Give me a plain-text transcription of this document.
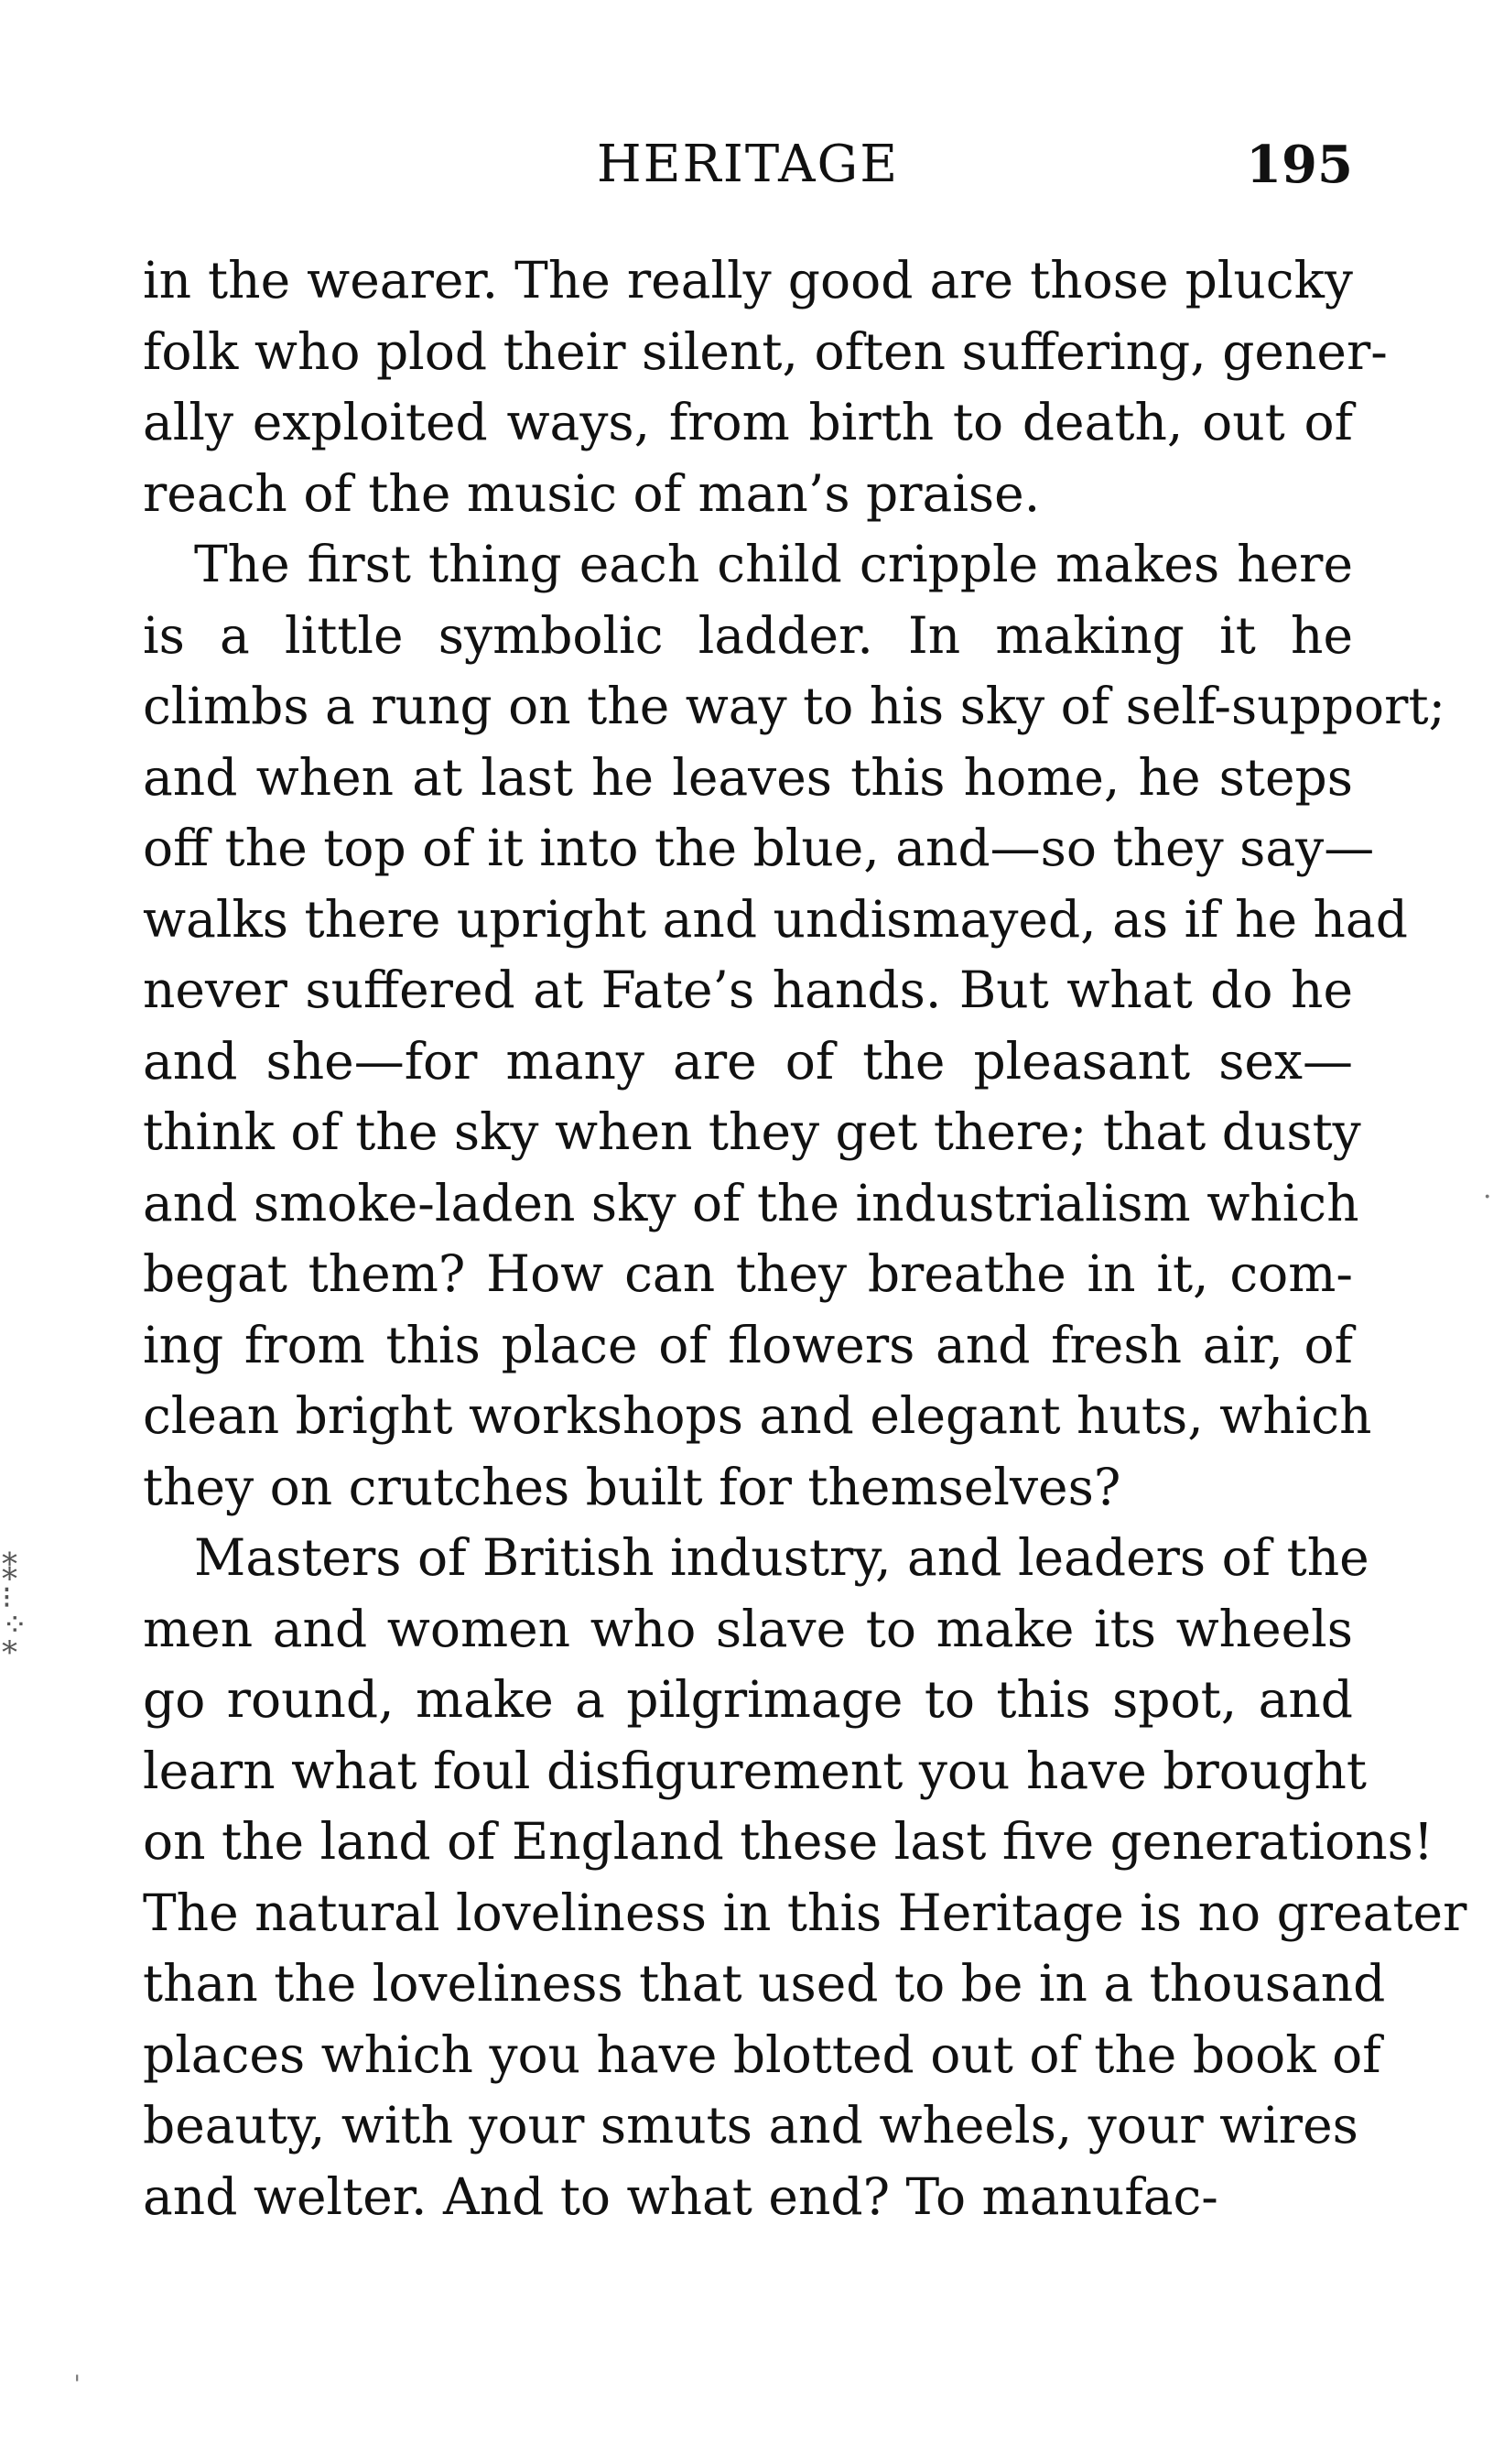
HERITAGE	195
in the wearer. The really good are those plucky
folk who plod their silent, often suffering, gener-
ally exploited ways, from birth to death, out of
reach of the music of man’s praise.
The first thing each child cripple makes here
is a little symbolic ladder. In making it he
climbs a rung on the way to his sky of self-support;
and when at last he leaves this home, he steps
off the top of it into the blue, and—so they say—
walks there upright and undismayed, as if he had
never suffered at Fate’s hands. But what do he
and she—for many are of the pleasant sex—
think of the sky when they get there; that dusty
and smoke-laden sky of the industrialism which
begat them? How can they breathe in it, com-
ing from this place of flowers and fresh air, of
clean bright workshops and elegant huts, which
they on crutches built for themselves?
Masters of British industry, and leaders of the
men and women who slave to make its wheels
go round, make a pilgrimage to this spot, and
learn what foul disfigurement you have brought
on the land of England these last five generations!
The natural loveliness in this Heritage is no greater
than the loveliness that used to be in a thousand
places which you have blotted out of the book of
beauty, with your smuts and wheels, your wires
and welter. And to what end? To manufac-
⁑
⁝
⁘
*
·
ˌ
